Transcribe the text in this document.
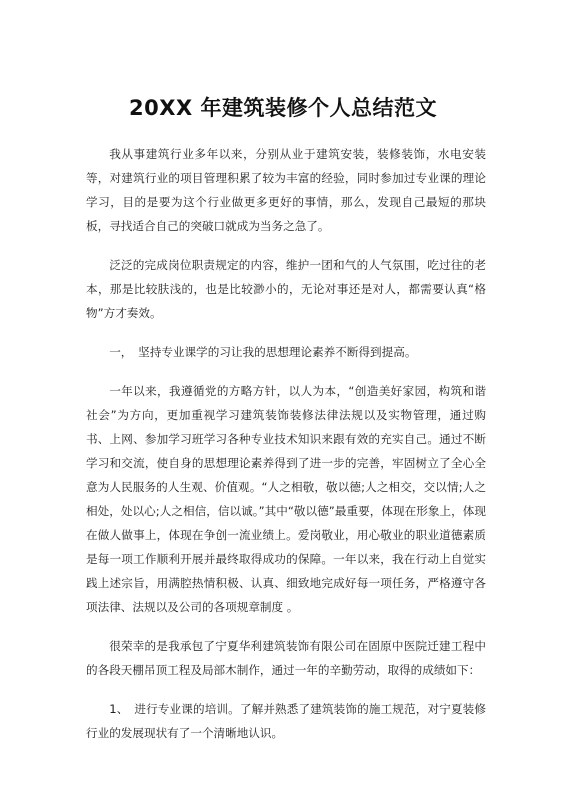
20XX 年建筑装修个人总结范文

我从事建筑行业多年以来，分别从业于建筑安装，装修装饰，水电安装等，对建筑行业的项目管理积累了较为丰富的经验，同时参加过专业课的理论学习，目的是要为这个行业做更多更好的事情，那么，发现自己最短的那块板，寻找适合自己的突破口就成为当务之急了。

泛泛的完成岗位职责规定的内容，维护一团和气的人气氛围，吃过往的老本，那是比较肤浅的，也是比较渺小的，无论对事还是对人，都需要认真“格物”方才奏效。

一，　坚持专业课学的习让我的思想理论素养不断得到提高。

一年以来，我遵循党的方略方针，以人为本，“创造美好家园，构筑和谐社会”为方向，更加重视学习建筑装饰装修法律法规以及实物管理，通过购书、上网、参加学习班学习各种专业技术知识来跟有效的充实自己。通过不断学习和交流，使自身的思想理论素养得到了进一步的完善，牢固树立了全心全意为人民服务的人生观、价值观。“人之相敬，敬以德;人之相交，交以情;人之相处，处以心;人之相信，信以诚。”其中“敬以德”最重要，体现在形象上，体现在做人做事上，体现在争创一流业绩上。爱岗敬业，用心敬业的职业道德素质是每一项工作顺利开展并最终取得成功的保障。一年以来，我在行动上自觉实践上述宗旨，用满腔热情积极、认真、细致地完成好每一项任务，严格遵守各项法律、法规以及公司的各项规章制度 。

很荣幸的是我承包了宁夏华利建筑装饰有限公司在固原中医院迁建工程中的各段天棚吊顶工程及局部木制作，通过一年的辛勤劳动，取得的成绩如下：

1、　进行专业课的培训。了解并熟悉了建筑装饰的施工规范，对宁夏装修行业的发展现状有了一个清晰地认识。
